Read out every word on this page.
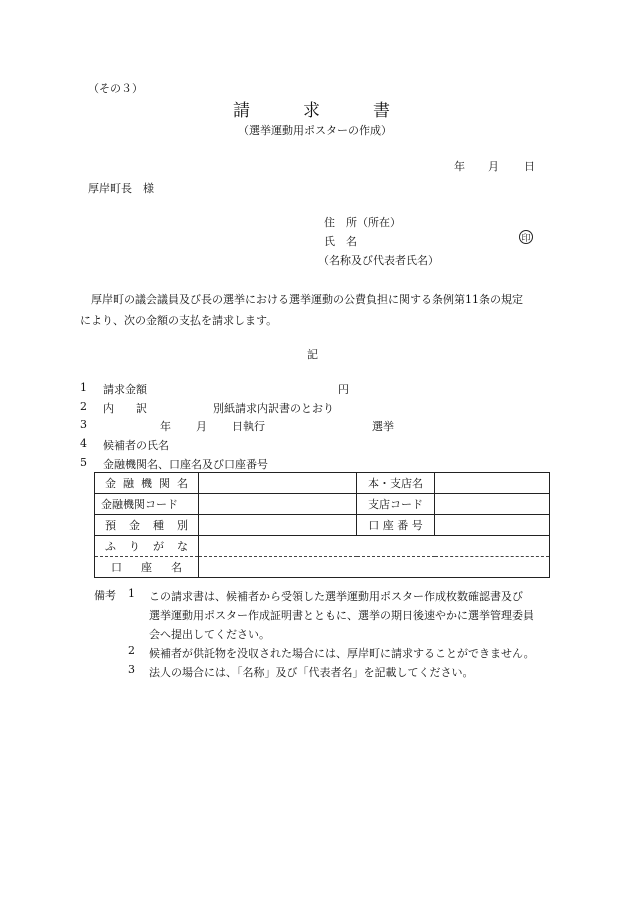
（その３）
請	求	書
（選挙運動用ポスターの作成）
年 月 日
厚岸町長　様
住　所（所在）
氏　名	印
（名称及び代表者氏名）
厚岸町の議会議員及び長の選挙における選挙運動の公費負担に関する条例第11条の規定
により、次の金額の支払を請求します。
記
1 請求金額	円
2 内　　訳	別紙請求内訳書のとおり
3	年 月 日執行	選挙
4 候補者の氏名
5 金融機関名、口座名及び口座番号
金 融 機 関 名		本・支店名	
金融機関コード		支店コード	

預 金 種 別		口 座 番 号	

ふ り が な			

口 座 名			

備考 1 この請求書は、候補者から受領した選挙運動用ポスター作成枚数確認書及び
選挙運動用ポスター作成証明書とともに、選挙の期日後速やかに選挙管理委員
会へ提出してください。
2 候補者が供託物を没収された場合には、厚岸町に請求することができません。
3 法人の場合には、「名称」及び「代表者名」を記載してください。
